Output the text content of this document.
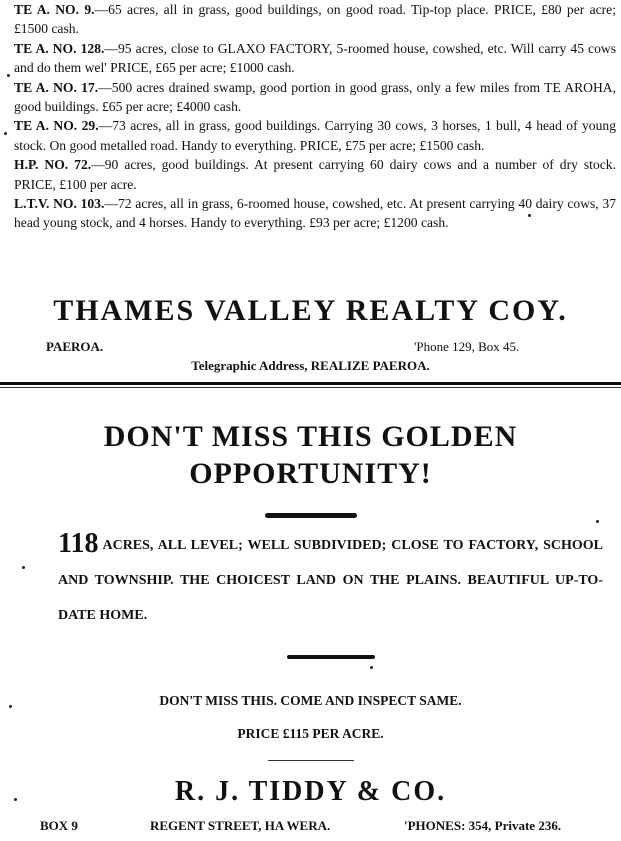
TE A. NO. 9.—65 acres, all in grass, good buildings, on good road. Tip-top place. PRICE, £80 per acre; £1500 cash.

TE A. NO. 128.—95 acres, close to GLAXO FACTORY, 5-roomed house, cowshed, etc. Will carry 45 cows and do them wel' PRICE, £65 per acre; £1000 cash.

TE A. NO. 17.—500 acres drained swamp, good portion in good grass, only a few miles from TE AROHA, good buildings. £65 per acre; £4000 cash.

TE A. NO. 29.—73 acres, all in grass, good buildings. Carrying 30 cows, 3 horses, 1 bull, 4 head of young stock. On good metalled road. Handy to everything. PRICE, £75 per acre; £1500 cash.

H.P. NO. 72.—90 acres, good buildings. At present carrying 60 dairy cows and a number of dry stock. PRICE, £100 per acre.

L.T.V. NO. 103.—72 acres, all in grass, 6-roomed house, cowshed, etc. At present carrying 40 dairy cows, 37 head young stock, and 4 horses. Handy to everything. £93 per acre; £1200 cash.

THAMES VALLEY REALTY COY.
PAEROA.	'Phone 129, Box 45.
Telegraphic Address, REALIZE PAEROA.
DON'T MISS THIS GOLDEN
OPPORTUNITY!
118 ACRES, ALL LEVEL; WELL SUBDIVIDED; CLOSE TO FACTORY, SCHOOL AND TOWNSHIP. THE CHOICEST LAND ON THE PLAINS. BEAUTIFUL UP-TO-DATE HOME.
DON'T MISS THIS. COME AND INSPECT SAME.
PRICE £115 PER ACRE.
R. J. TIDDY & CO.
BOX 9	REGENT STREET, HA WERA.	'PHONES: 354, Private 236.
